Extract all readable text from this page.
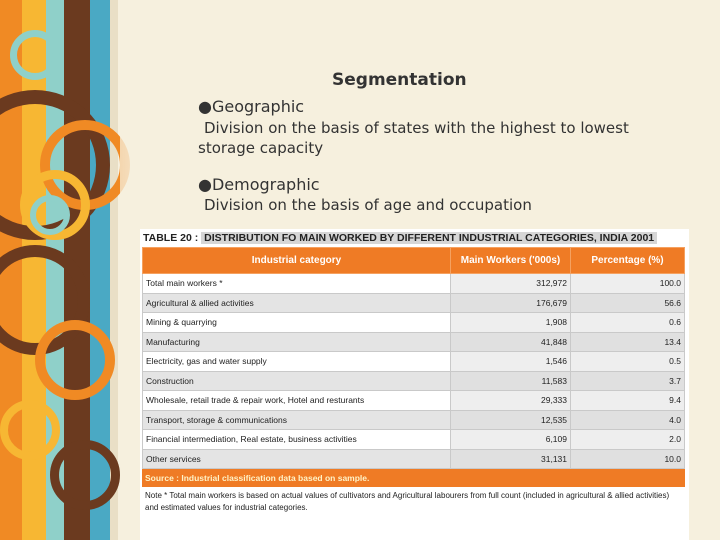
Segmentation
●Geographic
Division on the basis of states with the highest to lowest storage capacity
●Demographic
Division on the basis of age and occupation
TABLE 20 : DISTRIBUTION FO MAIN WORKED BY DIFFERENT INDUSTRIAL CATEGORIES, INDIA 2001
Industrial category	Main Workers ('000s)	Percentage (%)
Total main workers *	312,972	100.0
Agricultural & allied activities	176,679	56.6
Mining & quarrying	1,908	0.6
Manufacturing	41,848	13.4
Electricity, gas and water supply	1,546	0.5
Construction	11,583	3.7
Wholesale, retail trade & repair work, Hotel and resturants	29,333	9.4
Transport, storage & communications	12,535	4.0
Financial intermediation, Real estate, business activities	6,109	2.0
Other services	31,131	10.0
Source : Industrial classification data based on sample.
Note * Total main workers is based on actual values of cultivators and Agricultural labourers from full count (included in agricultural & allied activities) and estimated values for industrial categories.
